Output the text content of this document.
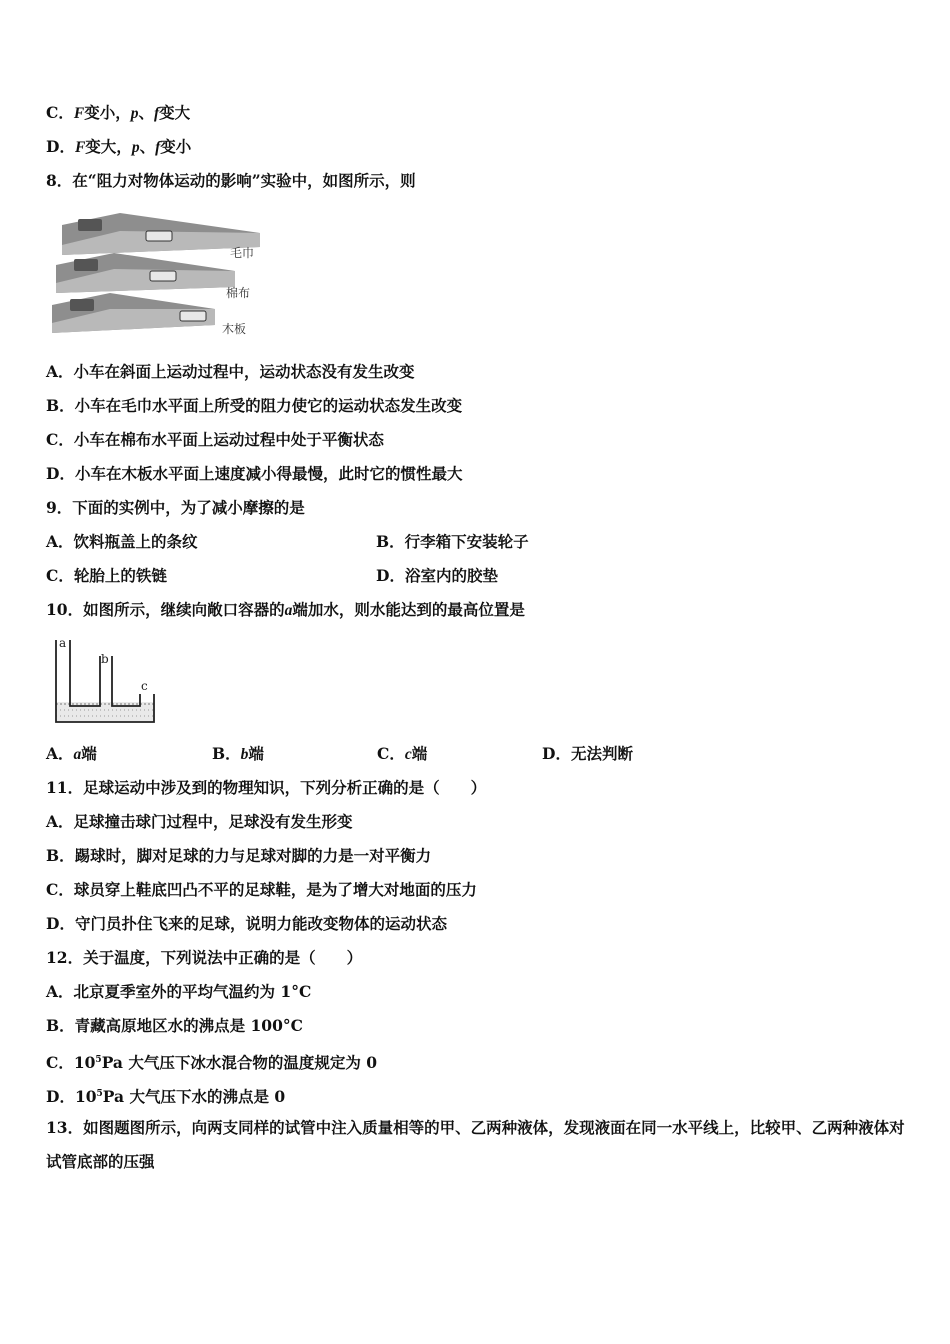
C．F变小，p、f变大
D．F变大，p、f变小
8．在“阻力对物体运动的影响”实验中，如图所示，则
毛巾
棉布
木板
A．小车在斜面上运动过程中，运动状态没有发生改变
B．小车在毛巾水平面上所受的阻力使它的运动状态发生改变
C．小车在棉布水平面上运动过程中处于平衡状态
D．小车在木板水平面上速度减小得最慢，此时它的惯性最大
9．下面的实例中，为了减小摩擦的是
A．饮料瓶盖上的条纹	B．行李箱下安装轮子
C．轮胎上的铁链	D．浴室内的胶垫
10．如图所示，继续向敞口容器的a端加水，则水能达到的最高位置是
a
b
c
A．a端	B．b端	C．c端	D．无法判断
11．足球运动中涉及到的物理知识，下列分析正确的是（　　）
A．足球撞击球门过程中，足球没有发生形变
B．踢球时，脚对足球的力与足球对脚的力是一对平衡力
C．球员穿上鞋底凹凸不平的足球鞋，是为了增大对地面的压力
D．守门员扑住飞来的足球，说明力能改变物体的运动状态
12．关于温度，下列说法中正确的是（　　）
A．北京夏季室外的平均气温约为 1°C
B．青藏高原地区水的沸点是 100°C
C．$10^5Pa$ 大气压下冰水混合物的温度规定为 0
D．$10^5Pa$ 大气压下水的沸点是 0
13．如图题图所示，向两支同样的试管中注入质量相等的甲、乙两种液体，发现液面在同一水平线上，比较甲、乙两种液体对试管底部的压强
